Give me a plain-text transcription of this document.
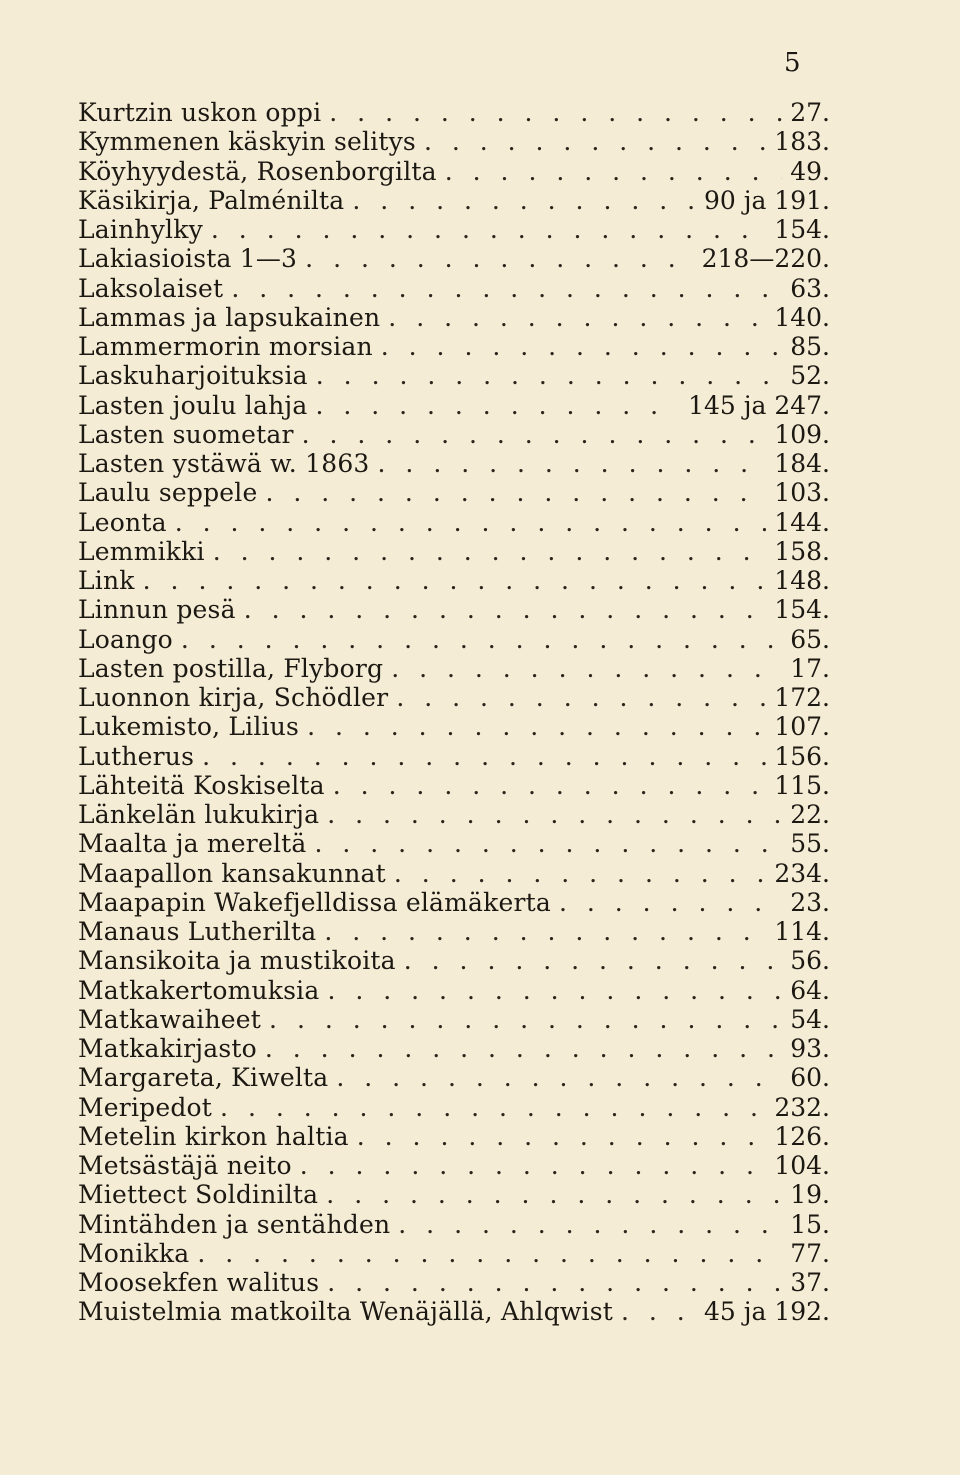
5
Kurtzin uskon oppi . . .	27.
Kymmenen käskyin selitys . . .	183.
Köyhyydestä, Rosenborgilta . . .	49.
Käsikirja, Palménilta . . .	90 ja 191.
Lainhylky . . .	154.
Lakiasioista 1—3 . . .	218—220.
Laksolaiset . . .	63.
Lammas ja lapsukainen . . .	140.
Lammermorin morsian . . .	85.
Laskuharjoituksia . . .	52.
Lasten joulu lahja . . .	145 ja 247.
Lasten suometar . . .	109.
Lasten ystäwä w. 1863 . . .	184.
Laulu seppele . . .	103.
Leonta . . .	144.
Lemmikki . . .	158.
Link . . .	148.
Linnun pesä . . .	154.
Loango . . .	65.
Lasten postilla, Flyborg . . .	17.
Luonnon kirja, Schödler . . .	172.
Lukemisto, Lilius . . .	107.
Lutherus . . .	156.
Lähteitä Koskiselta . . .	115.
Länkelän lukukirja . . .	22.
Maalta ja mereltä . . .	55.
Maapallon kansakunnat . . .	234.
Maapapin Wakefjelldissa elämäkerta . . .	23.
Manaus Lutherilta . . .	114.
Mansikoita ja mustikoita . . .	56.
Matkakertomuksia . . .	64.
Matkawaiheet . . .	54.
Matkakirjasto . . .	93.
Margareta, Kiwelta . . .	60.
Meripedot . . .	232.
Metelin kirkon haltia . . .	126.
Metsästäjä neito . . .	104.
Miettect Soldinilta . . .	19.
Mintähden ja sentähden . . .	15.
Monikka . . .	77.
Moosekfen walitus . . .	37.
Muistelmia matkoilta Wenäjällä, Ahlqwist . . .	45 ja 192.
